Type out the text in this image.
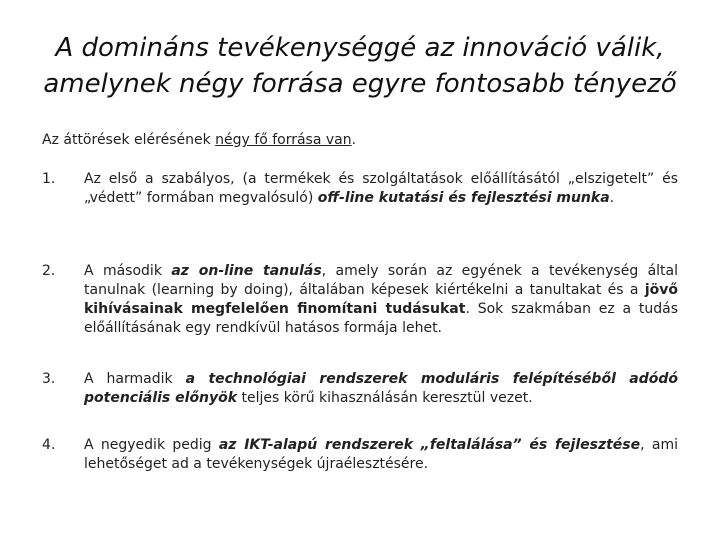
A domináns tevékenységgé az innováció válik,
amelynek négy forrása egyre fontosabb tényező

Az áttörések elérésének négy fő forrása van.

1.	Az első a szabályos, (a termékek és szolgáltatások előállításától „elszigetelt” és „védett” formában megvalósuló) off-line kutatási és fejlesztési munka.
2.	A második az on-line tanulás, amely során az egyének a tevékenység által tanulnak (learning by doing), általában képesek kiértékelni a tanultakat és a jövő kihívásainak megfelelően finomítani tudásukat. Sok szakmában ez a tudás előállításának egy rendkívül hatásos formája lehet.
3.	A harmadik a technológiai rendszerek moduláris felépítéséből adódó potenciális előnyök teljes körű kihasználásán keresztül vezet.
4.	A negyedik pedig az IKT-alapú rendszerek „feltalálása” és fejlesztése, ami lehetőséget ad a tevékenységek újraélesztésére.
